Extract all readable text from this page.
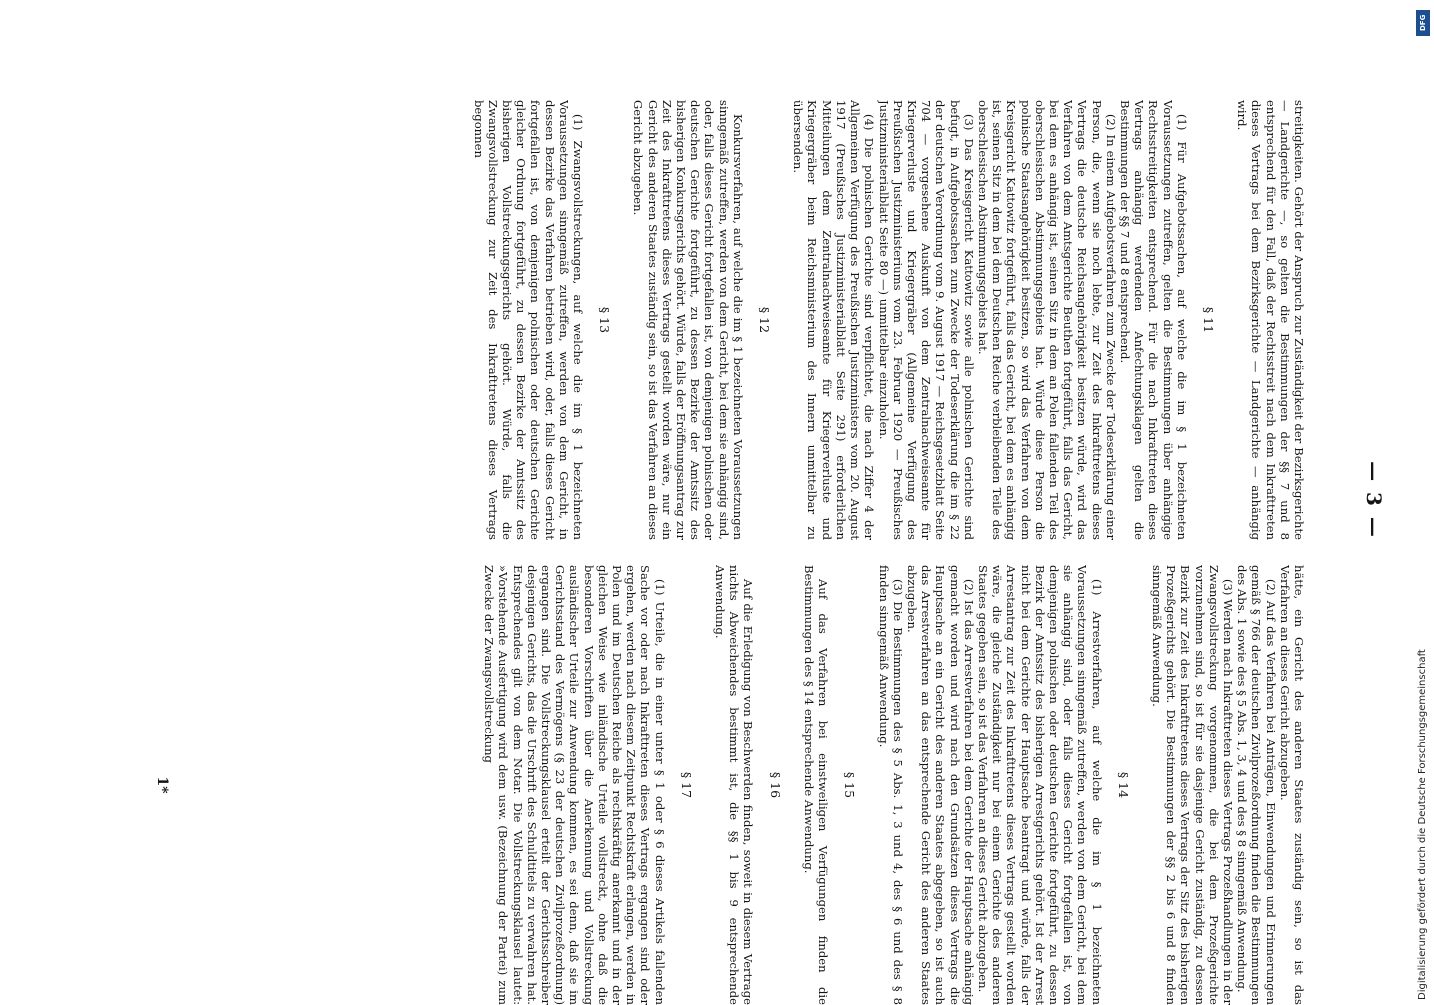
— 3 —

streitigkeiten. Gehört der Anspruch zur Zuständigkeit der Bezirksgerichte — Landgerichte —, so gelten die Bestimmungen der §§ 7 und 8 entsprechend für den Fall, daß der Rechtsstreit nach dem Inkrafttreten dieses Vertrags bei dem Bezirksgerichte — Landgerichte — anhängig wird.

§ 11

(1) Für Aufgebotssachen, auf welche die im § 1 bezeichneten Voraussetzungen zutreffen, gelten die Bestimmungen über anhängige Rechtsstreitigkeiten entsprechend. Für die nach Inkrafttreten dieses Vertrags anhängig werdenden Anfechtungsklagen gelten die Bestimmungen der §§ 7 und 8 entsprechend.

(2) In einem Aufgebotsverfahren zum Zwecke der Todeserklärung einer Person, die, wenn sie noch lebte, zur Zeit des Inkrafttretens dieses Vertrags die deutsche Reichsangehörigkeit besitzen würde, wird das Verfahren von dem Amtsgerichte Beuthen fortgeführt, falls das Gericht, bei dem es anhängig ist, seinen Sitz in dem an Polen fallenden Teil des oberschlesischen Abstimmungsgebiets hat. Würde diese Person die polnische Staatsangehörigkeit besitzen, so wird das Verfahren von dem Kreisgericht Kattowitz fortgeführt, falls das Gericht, bei dem es anhängig ist, seinen Sitz in dem bei dem Deutschen Reiche verbleibenden Teile des oberschlesischen Abstimmungsgebiets hat.

(3) Das Kreisgericht Kattowitz sowie alle polnischen Gerichte sind befugt, in Aufgebotssachen zum Zwecke der Todeserklärung die im § 22 der deutschen Verordnung vom 9. August 1917 — Reichsgesetzblatt Seite 704 — vorgesehene Auskunft von dem Zentralnachweiseamte für Kriegerverluste und Kriegergräber (Allgemeine Verfügung des Preußischen Justizministeriums vom 23. Februar 1920 — Preußisches Justizministerialblatt Seite 80 —) unmittelbar einzuholen.

(4) Die polnischen Gerichte sind verpflichtet, die nach Ziffer 4 der Allgemeinen Verfügung des Preußischen Justizministers vom 20. August 1917 (Preußisches Justizministerialblatt Seite 291) erforderlichen Mitteilungen dem Zentralnachweiseamte für Kriegerverluste und Kriegergräber beim Reichsministerium des Innern unmittelbar zu übersenden.

§ 12

Konkursverfahren, auf welche die im § 1 bezeichneten Voraussetzungen sinngemäß zutreffen, werden von dem Gericht, bei dem sie anhängig sind, oder, falls dieses Gericht fortgefallen ist, von demjenigen polnischen oder deutschen Gerichte fortgeführt, zu dessen Bezirke der Amtssitz des bisherigen Konkursgerichts gehört. Würde, falls der Eröffnungsantrag zur Zeit des Inkrafttretens dieses Vertrags gestellt worden wäre, nur ein Gericht des anderen Staates zuständig sein, so ist das Verfahren an dieses Gericht abzugeben.

§ 13

(1) Zwangsvollstreckungen, auf welche die im § 1 bezeichneten Voraussetzungen sinngemäß zutreffen, werden von dem Gericht, in dessen Bezirke das Verfahren betrieben wird, oder, falls dieses Gericht fortgefallen ist, von demjenigen polnischen oder deutschen Gerichte gleicher Ordnung fortgeführt, zu dessen Bezirke der Amtssitz des bisherigen Vollstreckungsgerichts gehört. Würde, falls die Zwangsvollstreckung zur Zeit des Inkrafttretens dieses Vertrags begonnen

hätte, ein Gericht des anderen Staates zuständig sein, so ist das Verfahren an dieses Gericht abzugeben.

(2) Auf das Verfahren bei Anträgen, Einwendungen und Erinnerungen gemäß § 766 der deutschen Zivilprozeßordnung finden die Bestimmungen des Abs. 1 sowie des § 5 Abs. 1, 3, 4 und des § 8 sinngemäß Anwendung.

(3) Werden nach Inkrafttreten dieses Vertrags Prozeßhandlungen in der Zwangsvollstreckung vorgenommen, die bei dem Prozeßgerichte vorzunehmen sind, so ist für sie dasjenige Gericht zuständig, zu dessen Bezirk zur Zeit des Inkrafttretens dieses Vertrags der Sitz des bisherigen Prozeßgerichts gehört. Die Bestimmungen der §§ 2 bis 6 und 8 finden sinngemäß Anwendung.

§ 14

(1) Arrestverfahren, auf welche die im § 1 bezeichneten Voraussetzungen sinngemäß zutreffen, werden von dem Gericht, bei dem sie anhängig sind, oder falls dieses Gericht fortgefallen ist, von demjenigen polnischen oder deutschen Gerichte fortgeführt, zu dessen Bezirk der Amtssitz des bisherigen Arrestgerichts gehört. Ist der Arrest nicht bei dem Gerichte der Hauptsache beantragt und würde, falls der Arrestantrag zur Zeit des Inkrafttretens dieses Vertrags gestellt worden wäre, die gleiche Zuständigkeit nur bei einem Gerichte des anderen Staates gegeben sein, so ist das Verfahren an dieses Gericht abzugeben.

(2) Ist das Arrestverfahren bei dem Gerichte der Hauptsache anhängig gemacht worden und wird nach den Grundsätzen dieses Vertrags die Hauptsache an ein Gericht des anderen Staates abgegeben, so ist auch das Arrestverfahren an das entsprechende Gericht des anderen Staates abzugeben.

(3) Die Bestimmungen des § 5 Abs. 1, 3 und 4, des § 6 und des § 8 finden sinngemäß Anwendung.

§ 15

Auf das Verfahren bei einstweiligen Verfügungen finden die Bestimmungen des § 14 entsprechende Anwendung.

§ 16

Auf die Erledigung von Beschwerden finden, soweit in diesem Vertrage nichts Abweichendes bestimmt ist, die §§ 1 bis 9 entsprechende Anwendung.

§ 17

(1) Urteile, die in einer unter § 1 oder § 6 dieses Artikels fallenden Sache vor oder nach Inkrafttreten dieses Vertrags ergangen sind oder ergehen, werden nach diesem Zeitpunkt Rechtskraft erlangen, werden in Polen und im Deutschen Reiche als rechtskräftig anerkannt und in der gleichen Weise wie inländische Urteile vollstreckt, ohne daß die besonderen Vorschriften über die Anerkennung und Vollstreckung ausländischer Urteile zur Anwendung kommen, es sei denn, daß sie im Gerichtsstand des Vermögens (§ 23 der deutschen Zivilprozeßordnung) ergangen sind. Die Vollstreckungsklausel erteilt der Gerichtsschreiber desjenigen Gerichts, das die Urschrift des Schuldtitels zu verwahren hat. Entsprechendes gilt von dem Notar. Die Vollstreckungsklausel lautet: »Vorstehende Ausfertigung wird dem usw. (Bezeichnung der Partei) zum Zwecke der Zwangsvollstreckung

1*
DFG
Digitalisierung gefördert durch die Deutsche Forschungsgemeinschaft
